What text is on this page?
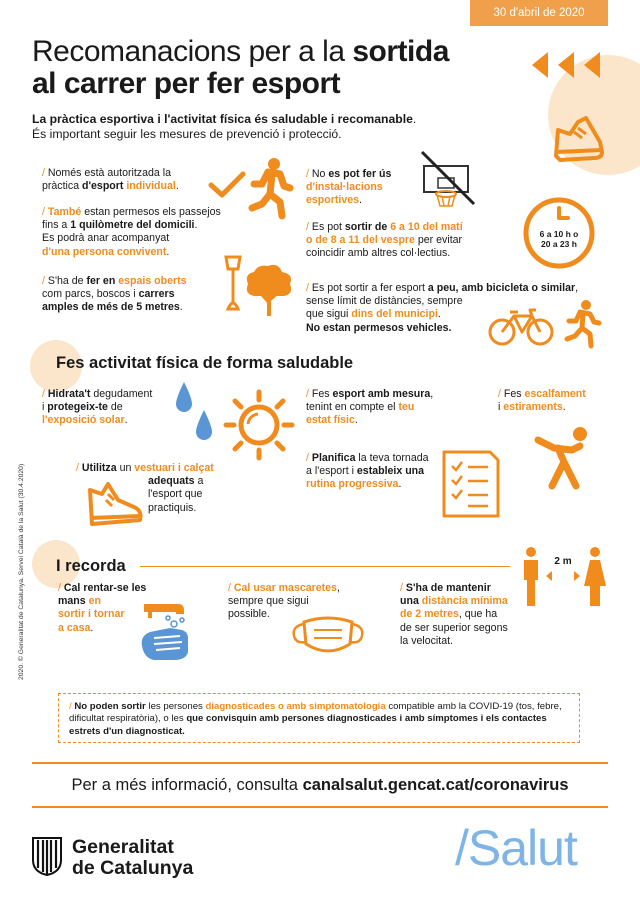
30 d'abril de 2020
Recomanacions per a la sortida
al carrer per fer esport
La pràctica esportiva i l'activitat física és saludable i recomanable.
És important seguir les mesures de prevenció i protecció.
/ Només està autoritzada la
pràctica d'esport individual.
/ També estan permesos els passejos
fins a 1 quilòmetre del domicili.
Es podrà anar acompanyat
d'una persona convivent.
/ S'ha de fer en espais oberts
com parcs, boscos i carrers
amples de més de 5 metres.
/ No es pot fer ús
d'instal·lacions
esportives.
/ Es pot sortir de 6 a 10 del matí
o de 8 a 11 del vespre per evitar
coincidir amb altres col·lectius.
6 a 10 h o
20 a 23 h
/ Es pot sortir a fer esport a peu, amb bicicleta o similar,
sense límit de distàncies, sempre
que sigui dins del municipi.
No estan permesos vehicles.
Fes activitat física de forma saludable
/ Hidrata't degudament
i protegeix-te de
l'exposició solar.
/ Fes esport amb mesura,
tenint en compte el teu
estat físic.
/ Fes escalfament
i estiraments.
/ Utilitza un vestuari i calçat
adequats a
l'esport que
practiquis.
/ Planifica la teva tornada
a l'esport i estableix una
rutina progressiva.
I recorda
/ Cal rentar-se les
mans en
sortir i tornar
a casa.
/ Cal usar mascaretes,
sempre que sigui
possible.
/ S'ha de mantenir
una distància mínima
de 2 metres, que ha
de ser superior segons
la velocitat.
2 m
/ No poden sortir les persones diagnosticades o amb simptomatologia compatible amb la COVID-19 (tos, febre,
dificultat respiratòria), o les que convisquin amb persones diagnosticades i amb símptomes i els contactes
estrets d'un diagnosticat.
Per a més informació, consulta canalsalut.gencat.cat/coronavirus
2020. © Generalitat de Catalunya. Servei Català de la Salut (30.4.2020)
Generalitat
de Catalunya	/Salut
